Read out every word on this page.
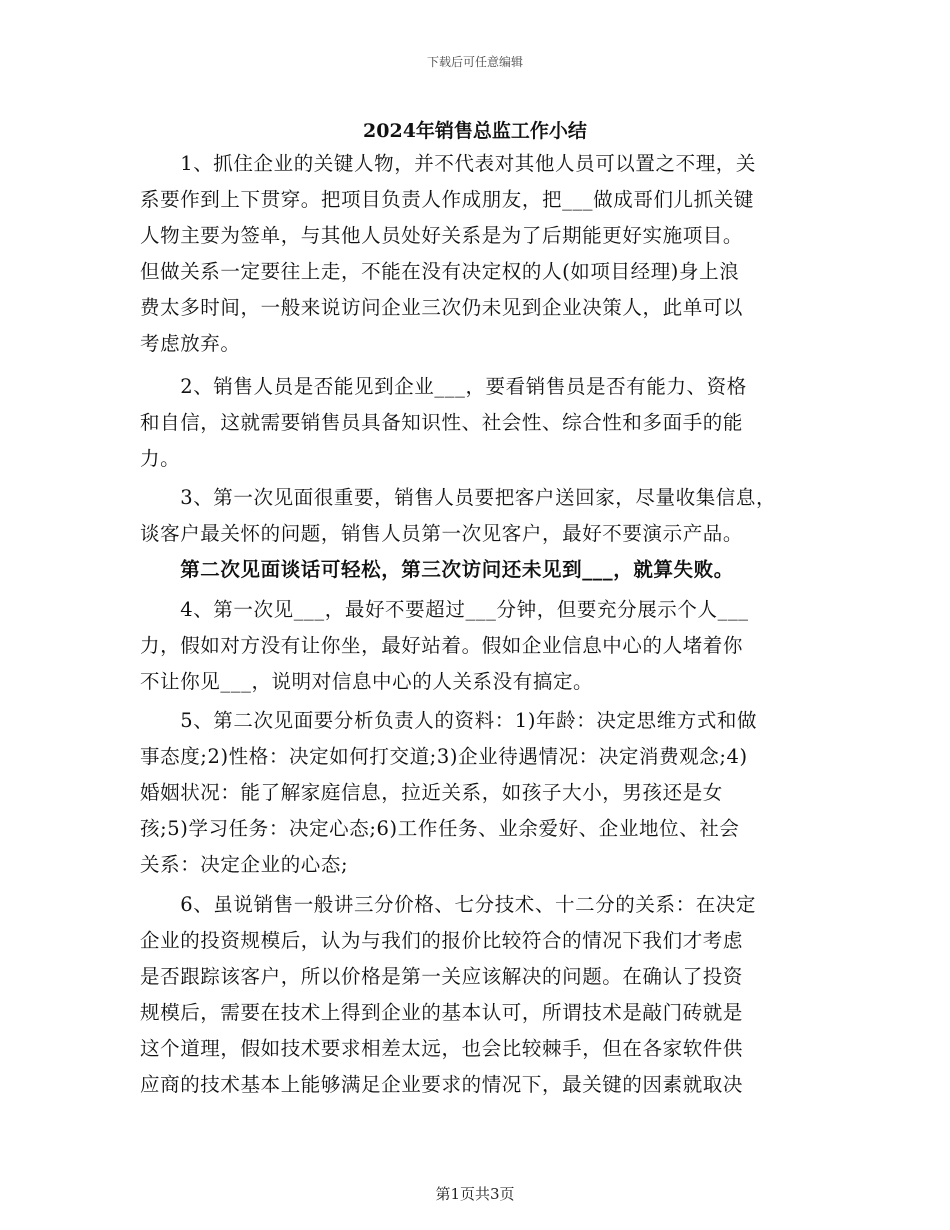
下载后可任意编辑
2024年销售总监工作小结
　　1、抓住企业的关键人物，并不代表对其他人员可以置之不理，关
系要作到上下贯穿。把项目负责人作成朋友，把___做成哥们儿抓关键
人物主要为签单，与其他人员处好关系是为了后期能更好实施项目。
但做关系一定要往上走，不能在没有决定权的人(如项目经理)身上浪
费太多时间，一般来说访问企业三次仍未见到企业决策人，此单可以
考虑放弃。
　　2、销售人员是否能见到企业___，要看销售员是否有能力、资格
和自信，这就需要销售员具备知识性、社会性、综合性和多面手的能
力。
　　3、第一次见面很重要，销售人员要把客户送回家，尽量收集信息，
谈客户最关怀的问题，销售人员第一次见客户，最好不要演示产品。
　　第二次见面谈话可轻松，第三次访问还未见到___，就算失败。
　　4、第一次见___，最好不要超过___分钟，但要充分展示个人___
力，假如对方没有让你坐，最好站着。假如企业信息中心的人堵着你
不让你见___，说明对信息中心的人关系没有搞定。
　　5、第二次见面要分析负责人的资料：1)年龄：决定思维方式和做
事态度;2)性格：决定如何打交道;3)企业待遇情况：决定消费观念;4)
婚姻状况：能了解家庭信息，拉近关系，如孩子大小，男孩还是女
孩;5)学习任务：决定心态;6)工作任务、业余爱好、企业地位、社会
关系：决定企业的心态;
　　6、虽说销售一般讲三分价格、七分技术、十二分的关系：在决定
企业的投资规模后，认为与我们的报价比较符合的情况下我们才考虑
是否跟踪该客户，所以价格是第一关应该解决的问题。在确认了投资
规模后，需要在技术上得到企业的基本认可，所谓技术是敲门砖就是
这个道理，假如技术要求相差太远，也会比较棘手，但在各家软件供
应商的技术基本上能够满足企业要求的情况下，最关键的因素就取决
第1页共3页
